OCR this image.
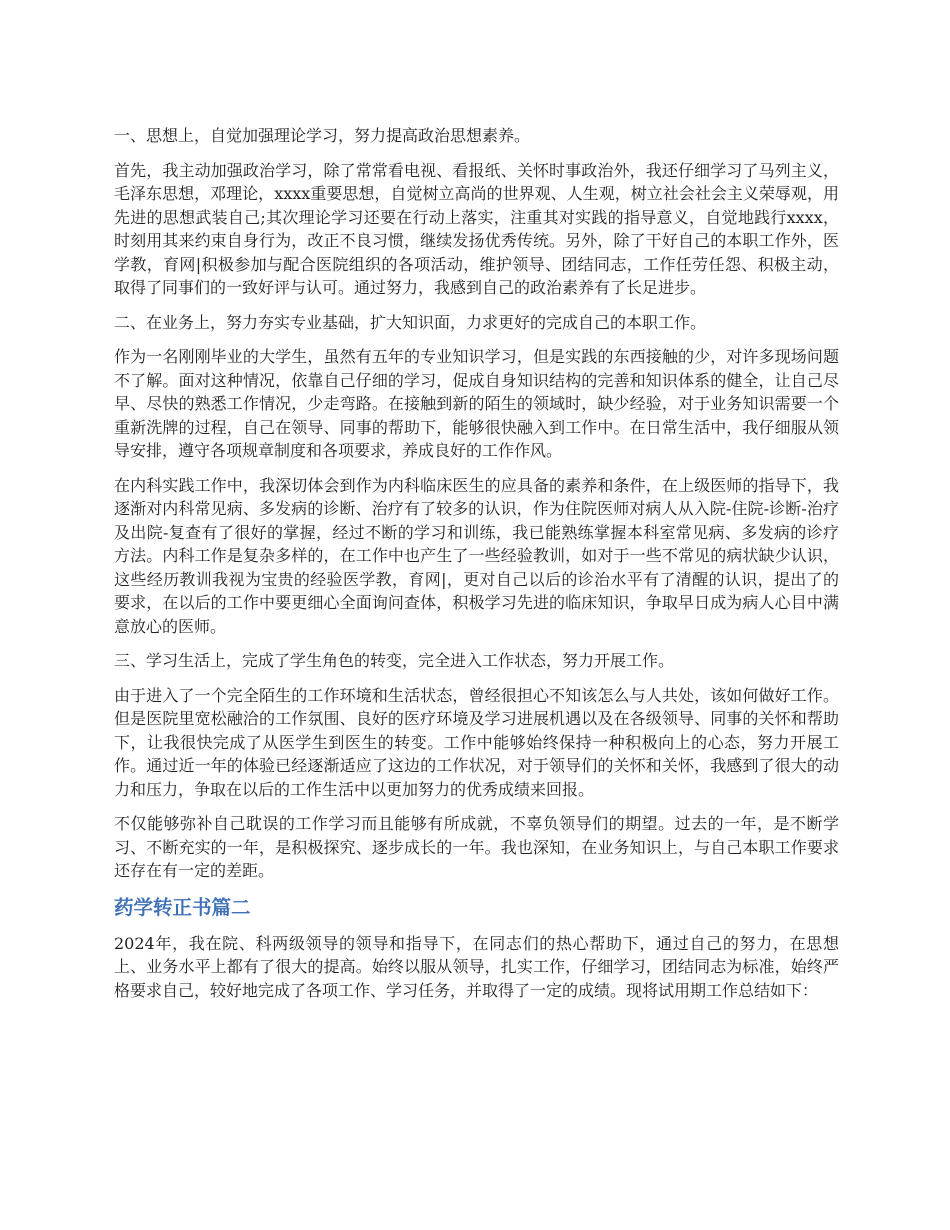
一、思想上，自觉加强理论学习，努力提高政治思想素养。

首先，我主动加强政治学习，除了常常看电视、看报纸、关怀时事政治外，我还仔细学习了马列主义，毛泽东思想，邓理论，xxxx重要思想，自觉树立高尚的世界观、人生观，树立社会社会主义荣辱观，用先进的思想武装自己;其次理论学习还要在行动上落实，注重其对实践的指导意义，自觉地践行xxxx，时刻用其来约束自身行为，改正不良习惯，继续发扬优秀传统。另外，除了干好自己的本职工作外，医学教，育网|积极参加与配合医院组织的各项活动，维护领导、团结同志，工作任劳任怨、积极主动，取得了同事们的一致好评与认可。通过努力，我感到自己的政治素养有了长足进步。

二、在业务上，努力夯实专业基础，扩大知识面，力求更好的完成自己的本职工作。

作为一名刚刚毕业的大学生，虽然有五年的专业知识学习，但是实践的东西接触的少，对许多现场问题不了解。面对这种情况，依靠自己仔细的学习，促成自身知识结构的完善和知识体系的健全，让自己尽早、尽快的熟悉工作情况，少走弯路。在接触到新的陌生的领域时，缺少经验，对于业务知识需要一个重新洗牌的过程，自己在领导、同事的帮助下，能够很快融入到工作中。在日常生活中，我仔细服从领导安排，遵守各项规章制度和各项要求，养成良好的工作作风。

在内科实践工作中，我深切体会到作为内科临床医生的应具备的素养和条件，在上级医师的指导下，我逐渐对内科常见病、多发病的诊断、治疗有了较多的认识，作为住院医师对病人从入院-住院-诊断-治疗及出院-复查有了很好的掌握，经过不断的学习和训练，我已能熟练掌握本科室常见病、多发病的诊疗方法。内科工作是复杂多样的，在工作中也产生了一些经验教训，如对于一些不常见的病状缺少认识，这些经历教训我视为宝贵的经验医学教，育网|，更对自己以后的诊治水平有了清醒的认识，提出了的要求，在以后的工作中要更细心全面询问查体，积极学习先进的临床知识，争取早日成为病人心目中满意放心的医师。

三、学习生活上，完成了学生角色的转变，完全进入工作状态，努力开展工作。

由于进入了一个完全陌生的工作环境和生活状态，曾经很担心不知该怎么与人共处，该如何做好工作。但是医院里宽松融洽的工作氛围、良好的医疗环境及学习进展机遇以及在各级领导、同事的关怀和帮助下，让我很快完成了从医学生到医生的转变。工作中能够始终保持一种积极向上的心态，努力开展工作。通过近一年的体验已经逐渐适应了这边的工作状况，对于领导们的关怀和关怀，我感到了很大的动力和压力，争取在以后的工作生活中以更加努力的优秀成绩来回报。

不仅能够弥补自己耽误的工作学习而且能够有所成就，不辜负领导们的期望。过去的一年，是不断学习、不断充实的一年，是积极探究、逐步成长的一年。我也深知，在业务知识上，与自己本职工作要求还存在有一定的差距。

药学转正书篇二

2024年，我在院、科两级领导的领导和指导下，在同志们的热心帮助下，通过自己的努力，在思想上、业务水平上都有了很大的提高。始终以服从领导，扎实工作，仔细学习，团结同志为标准，始终严格要求自己，较好地完成了各项工作、学习任务，并取得了一定的成绩。现将试用期工作总结如下：
